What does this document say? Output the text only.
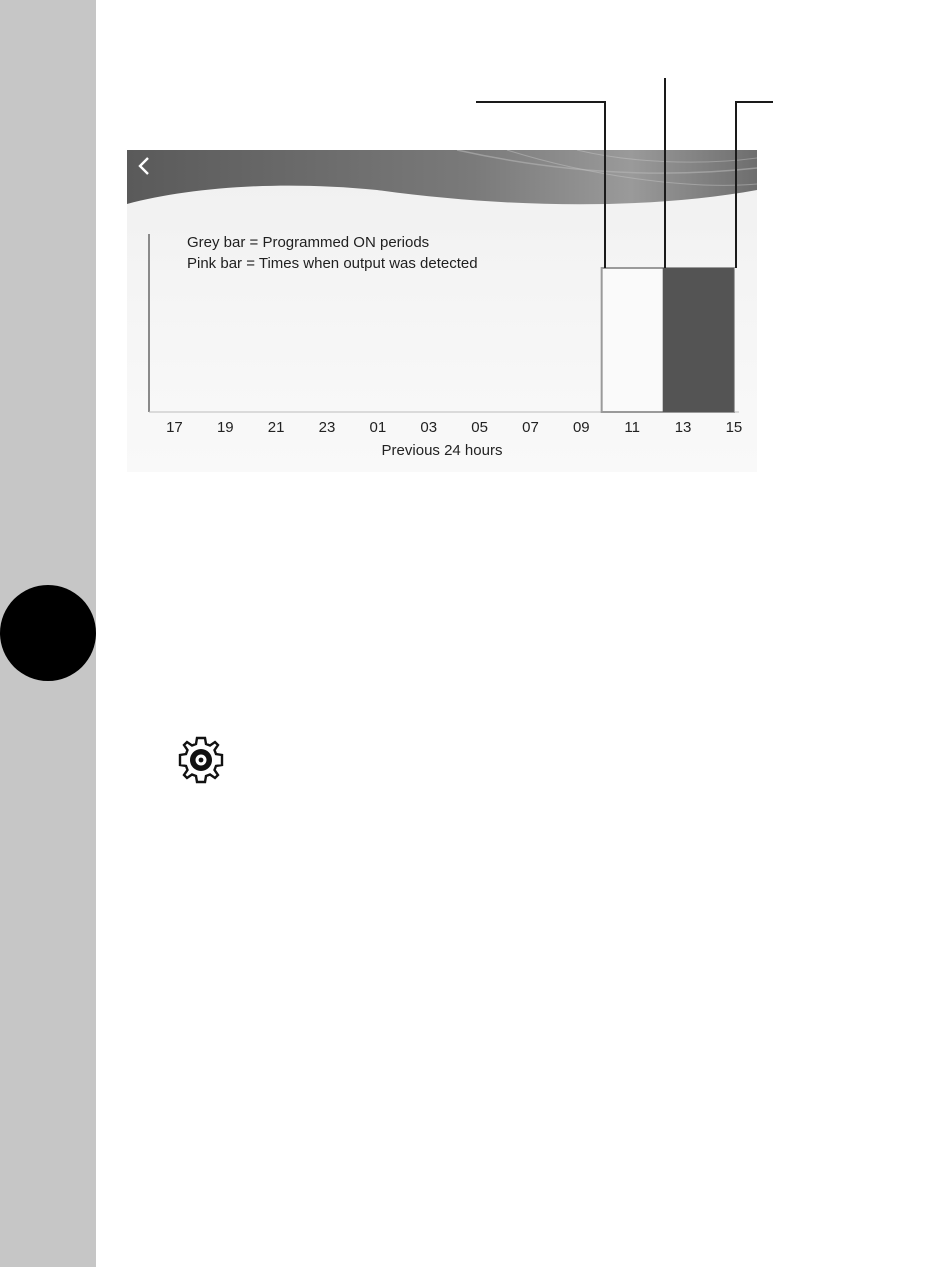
17 19 21 23 01 03 05 07 09 11 13 15
Grey bar = Programmed ON periods
Pink bar = Times when output was detected
Previous 24 hours
